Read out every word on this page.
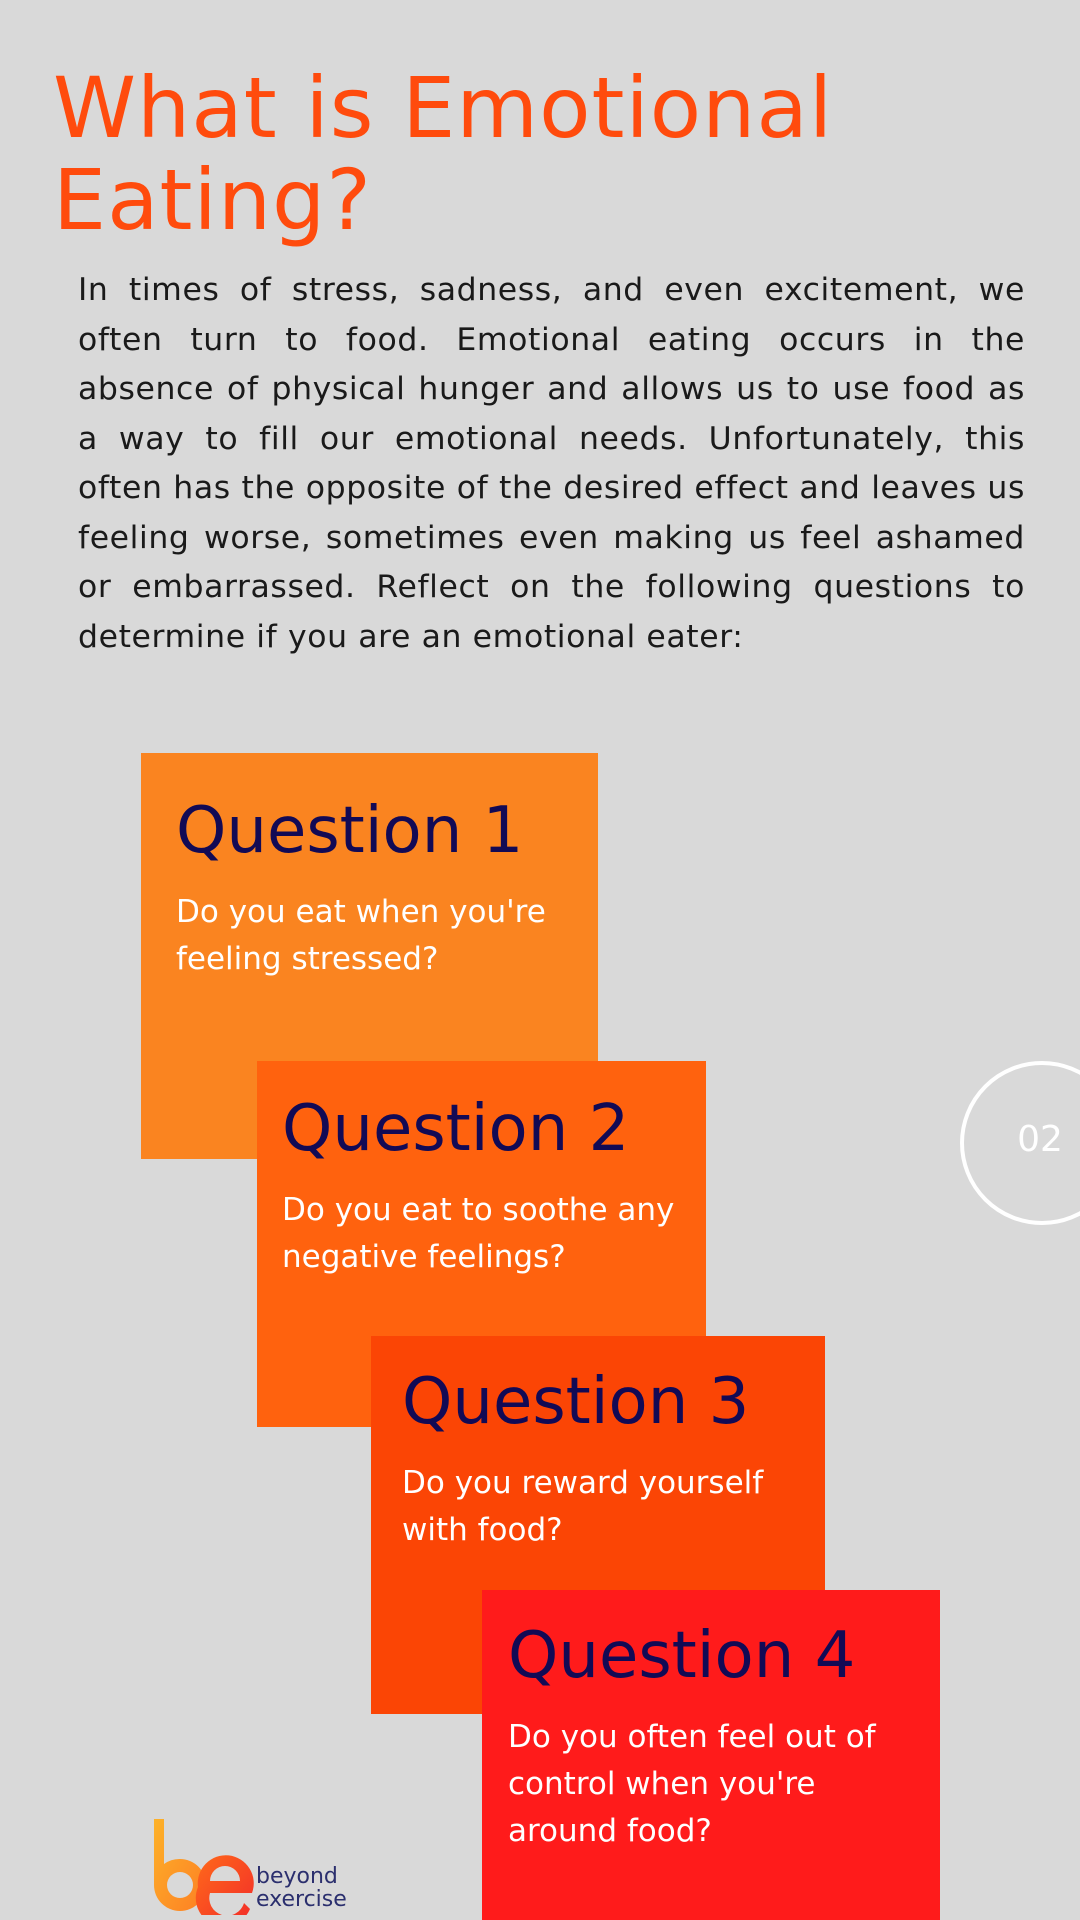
What is Emotional Eating?

In times of stress, sadness, and even excitement, we often turn to food. Emotional eating occurs in the absence of physical hunger and allows us to use food as a way to fill our emotional needs. Unfortunately, this often has the opposite of the desired effect and leaves us feeling worse, sometimes even making us feel ashamed or embarrassed. Reflect on the following questions to determine if you are an emotional eater:

Question 1

Do you eat when you're feeling stressed?

Question 2

Do you eat to soothe any negative feelings?

Question 3

Do you reward yourself with food?

Question 4

Do you often feel out of control when you're around food?

02
beyond
exercise
